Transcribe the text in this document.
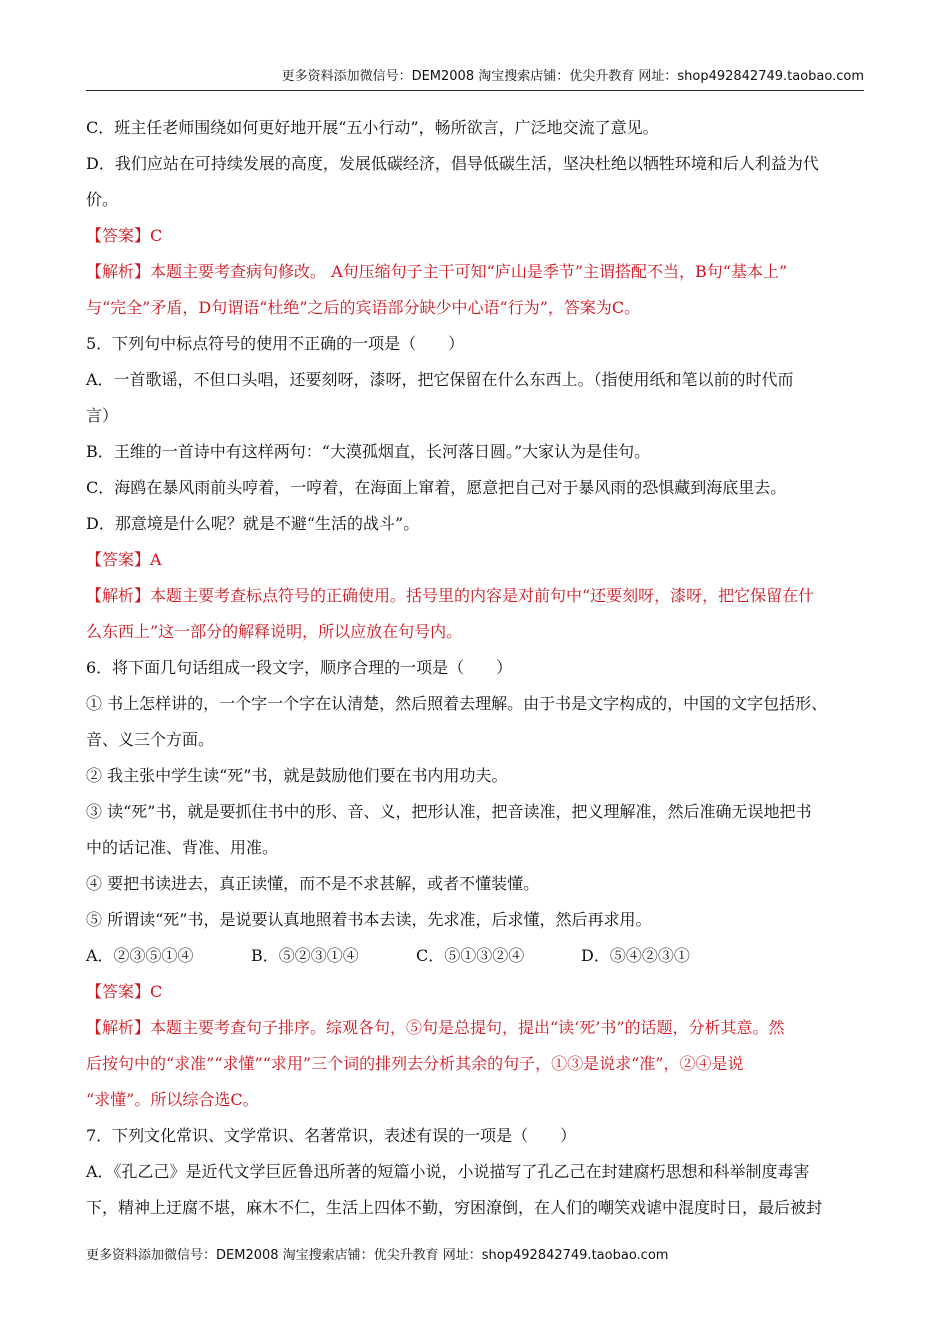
更多资料添加微信号：DEM2008 淘宝搜索店铺：优尖升教育 网址：shop492842749.taobao.com

C．班主任老师围绕如何更好地开展“五小行动”，畅所欲言，广泛地交流了意见。

D．我们应站在可持续发展的高度，发展低碳经济，倡导低碳生活，坚决杜绝以牺牲环境和后人利益为代

价。

【答案】C

【解析】本题主要考查病句修改。 A句压缩句子主干可知“庐山是季节”主谓搭配不当，B句“基本上”

与“完全”矛盾，D句谓语“杜绝”之后的宾语部分缺少中心语“行为”，答案为C。

5．下列句中标点符号的使用不正确的一项是（　　）

A．一首歌谣，不但口头唱，还要刻呀，漆呀，把它保留在什么东西上。（指使用纸和笔以前的时代而

言）

B．王维的一首诗中有这样两句：“大漠孤烟直，长河落日圆。”大家认为是佳句。

C．海鸥在暴风雨前头哼着，一哼着，在海面上窜着，愿意把自己对于暴风雨的恐惧藏到海底里去。

D．那意境是什么呢？就是不避“生活的战斗”。

【答案】A

【解析】本题主要考查标点符号的正确使用。括号里的内容是对前句中“还要刻呀，漆呀，把它保留在什

么东西上”这一部分的解释说明，所以应放在句号内。

6．将下面几句话组成一段文字，顺序合理的一项是（　　）

① 书上怎样讲的，一个字一个字在认清楚，然后照着去理解。由于书是文字构成的，中国的文字包括形、

音、义三个方面。

② 我主张中学生读“死”书，就是鼓励他们要在书内用功夫。

③ 读“死”书，就是要抓住书中的形、音、义，把形认准，把音读准，把义理解准，然后准确无误地把书

中的话记准、背准、用准。

④ 要把书读进去，真正读懂，而不是不求甚解，或者不懂装懂。

⑤ 所谓读“死”书，是说要认真地照着书本去读，先求准，后求懂，然后再求用。

A．②③⑤①④	B．⑤②③①④	C．⑤①③②④	D．⑤④②③①

【答案】C

【解析】本题主要考查句子排序。综观各句，⑤句是总提句，提出“读‘死’书”的话题，分析其意。然

后按句中的“求准”“求懂”“求用”三个词的排列去分析其余的句子，①③是说求“准”，②④是说

“求懂”。所以综合选C。

7．下列文化常识、文学常识、名著常识，表述有误的一项是（　　）

A．《孔乙己》是近代文学巨匠鲁迅所著的短篇小说，小说描写了孔乙己在封建腐朽思想和科举制度毒害

下，精神上迂腐不堪，麻木不仁，生活上四体不勤，穷困潦倒，在人们的嘲笑戏谑中混度时日，最后被封

更多资料添加微信号：DEM2008 淘宝搜索店铺：优尖升教育 网址：shop492842749.taobao.com
